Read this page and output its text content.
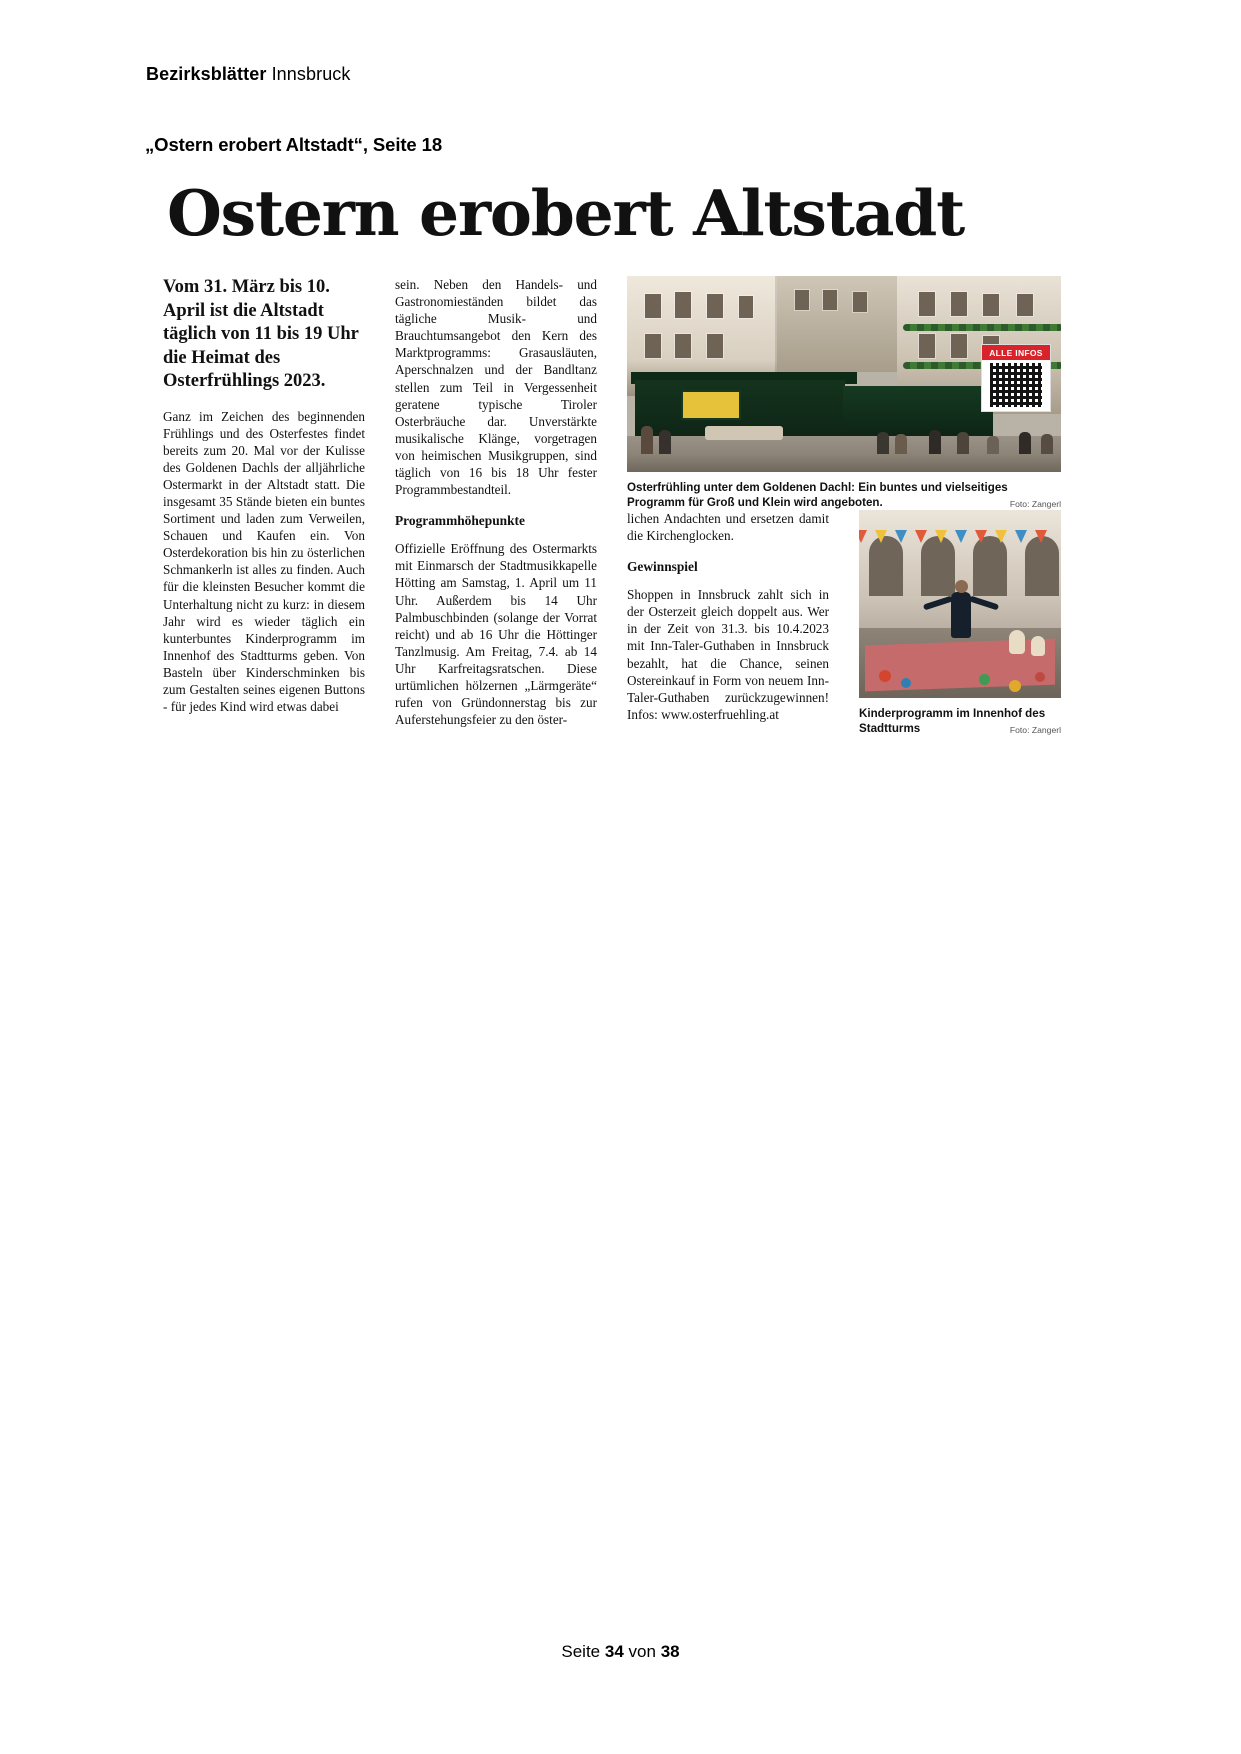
Bezirksblätter Innsbruck
„Ostern erobert Altstadt“, Seite 18
Ostern erobert Altstadt

Vom 31. März bis 10. April ist die Altstadt täglich von 11 bis 19 Uhr die Heimat des Osterfrühlings 2023.

Ganz im Zeichen des beginnenden Frühlings und des Osterfestes findet bereits zum 20. Mal vor der Kulisse des Goldenen Dachls der alljährliche Ostermarkt in der Altstadt statt. Die insgesamt 35 Stände bieten ein buntes Sortiment und laden zum Verweilen, Schauen und Kaufen ein. Von Osterdekoration bis hin zu österlichen Schmankerln ist alles zu finden. Auch für die kleinsten Besucher kommt die Unterhaltung nicht zu kurz: in diesem Jahr wird es wieder täglich ein kunterbuntes Kinderprogramm im Innenhof des Stadtturms geben. Von Basteln über Kinderschminken bis zum Gestalten seines eigenen Buttons - für jedes Kind wird etwas dabei

sein. Neben den Handels- und Gastronomieständen bildet das tägliche Musik- und Brauchtumsangebot den Kern des Marktprogramms: Grasausläuten, Aperschnalzen und der Bandltanz stellen zum Teil in Vergessenheit geratene typische Tiroler Osterbräuche dar. Unverstärkte musikalische Klänge, vorgetragen von heimischen Musikgruppen, sind täglich von 16 bis 18 Uhr fester Programmbestandteil.

Programmhöhepunkte

Offizielle Eröffnung des Ostermarkts mit Einmarsch der Stadtmusikkapelle Hötting am Samstag, 1. April um 11 Uhr. Außerdem bis 14 Uhr Palmbuschbinden (solange der Vorrat reicht) und ab 16 Uhr die Höttinger Tanzlmusig. Am Freitag, 7.4. ab 14 Uhr Karfreitagsratschen. Diese urtümlichen hölzernen „Lärmgeräte“ rufen von Gründonnerstag bis zur Auferstehungsfeier zu den öster-

lichen Andachten und ersetzen damit die Kirchenglocken.

Gewinnspiel

Shoppen in Innsbruck zahlt sich in der Osterzeit gleich doppelt aus. Wer in der Zeit von 31.3. bis 10.4.2023 mit Inn-Taler-Guthaben in Innsbruck bezahlt, hat die Chance, seinen Ostereinkauf in Form von neuem Inn-Taler-Guthaben zurückzugewinnen! Infos: www.osterfruehling.at

ALLE INFOS
Osterfrühling unter dem Goldenen Dachl: Ein buntes und vielseitiges Programm für Groß und Klein wird angeboten.	Foto: Zangerl
Kinderprogramm im Innenhof des Stadtturms	Foto: Zangerl
Seite 34 von 38
